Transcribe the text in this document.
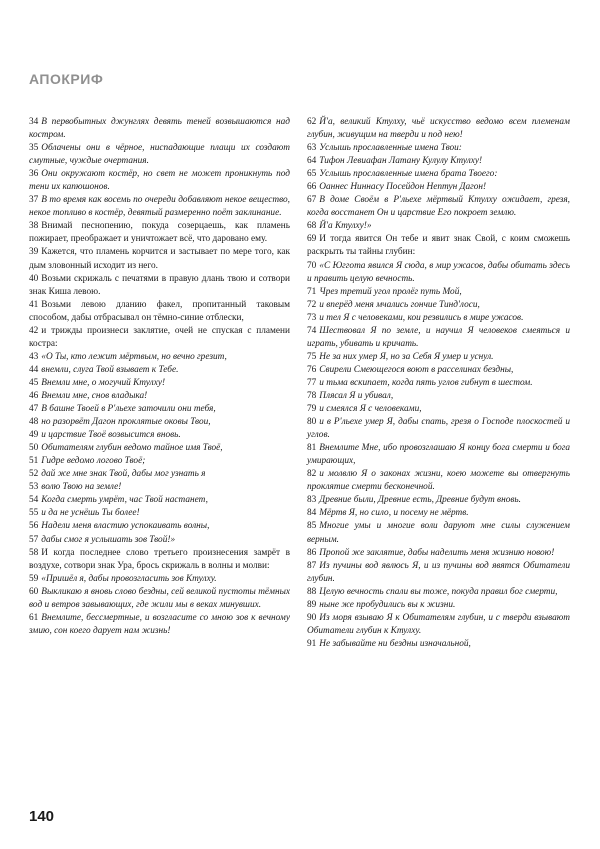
АПОКРИФ

34 В первобытных джунглях девять теней возвышаются над костром.

35 Облачены они в чёрное, ниспадающие плащи их создают смутные, чуждые очертания.

36 Они окружают костёр, но свет не может проникнуть под тени их капюшонов.

37 В то время как восемь по очереди добавляют некое вещество, некое топливо в костёр, девятый размеренно поёт заклинание.

38 Внимай песнопению, покуда созерцаешь, как пламень пожирает, преображает и уничтожает всё, что даровано ему.

39 Кажется, что пламень корчится и застывает по мере того, как дым зловонный исходит из него.

40 Возьми скрижаль с печатями в правую длань твою и сотвори знак Киша левою.

41 Возьми левою дланию факел, пропитанный таковым способом, дабы отбрасывал он тёмно-синие отблески,

42 и трижды произнеси заклятие, очей не спуская с пламени костра:

43 «О Ты, кто лежит мёртвым, но вечно грезит,

44 внемли, слуга Твой взывает к Тебе.

45 Внемли мне, о могучий Ктулху!

46 Внемли мне, снов владыка!

47 В башне Твоей в Р'льехе заточили они тебя,

48 но разорвёт Дагон проклятые оковы Твои,

49 и царствие Твоё возвысится вновь.

50 Обитателям глубин ведомо тайное имя Твоё,

51 Гидре ведомо логово Твоё;

52 дай же мне знак Твой, дабы мог узнать я

53 волю Твою на земле!

54 Когда смерть умрёт, час Твой настанет,

55 и да не уснёшь Ты более!

56 Надели меня властию успокаивать волны,

57 дабы смог я услышать зов Твой!»

58 И когда последнее слово третьего произнесения замрёт в воздухе, сотвори знак Ура, брось скрижаль в волны и молви:

59 «Пришёл я, дабы провозгласить зов Ктулху.

60 Выкликаю я вновь слово бездны, сей великой пустоты тёмных вод и ветров завывающих, где жили мы в веках минувших.

61 Внемлите, бессмертные, и возгласите со мною зов к вечному змию, сон коего дарует нам жизнь!

62 Й'а, великий Ктулху, чьё искусство ведомо всем племенам глубин, живущим на тверди и под нею!

63 Услышь прославленные имена Твои:

64 Тифон Левиафан Латану Кулулу Ктулху!

65 Услышь прославленные имена брата Твоего:

66 Оаннес Ниннасу Посейдон Нептун Дагон!

67 В доме Своём в Р'льехе мёртвый Ктулху ожидает, грезя, когда восстанет Он и царствие Его покроет землю.

68 Й'а Ктулху!»

69 И тогда явится Он тебе и явит знак Свой, с коим сможешь раскрыть ты тайны глубин:

70 «С Югготa явился Я сюда, в мир ужасов, дабы обитать здесь и править целую вечность.

71 Чрез третий угол пролёг путь Мой,

72 и вперёд меня мчались гончие Тинд'лоси,

73 и тел Я с человеками, кои резвились в мире ужасов.

74 Шествовал Я по земле, и научил Я человеков смеяться и играть, убивать и кричать.

75 Не за них умер Я, но за Себя Я умер и уснул.

76 Свирели Смеющегося воют в расселинах бездны,

77 и тьма вскипает, когда пять углов гибнут в шестом.

78 Плясал Я и убивал,

79 и смеялся Я с человеками,

80 и в Р'льехе умер Я, дабы спать, грезя о Господе плоскостей и углов.

81 Внемлите Мне, ибо провозглашаю Я концу бога смерти и бога умирающих,

82 и молвлю Я о законах жизни, коею можете вы отвергнуть проклятие смерти бесконечной.

83 Древние были, Древние есть, Древние будут вновь.

84 Мёртв Я, но сило, и посему не мёртв.

85 Многие умы и многие воли даруют мне силы служением верным.

86 Пропой же заклятие, дабы наделить меня жизнию новою!

87 Из пучины вод явлюсь Я, и из пучины вод явятся Обитатели глубин.

88 Целую вечность спали вы тоже, покуда правил бог смерти,

89 ныне же пробудились вы к жизни.

90 Из моря взываю Я к Обитателям глубин, и с тверди взывают Обитатели глубин к Ктулху.

91 Не забывайте ни бездны изначальной,

140
